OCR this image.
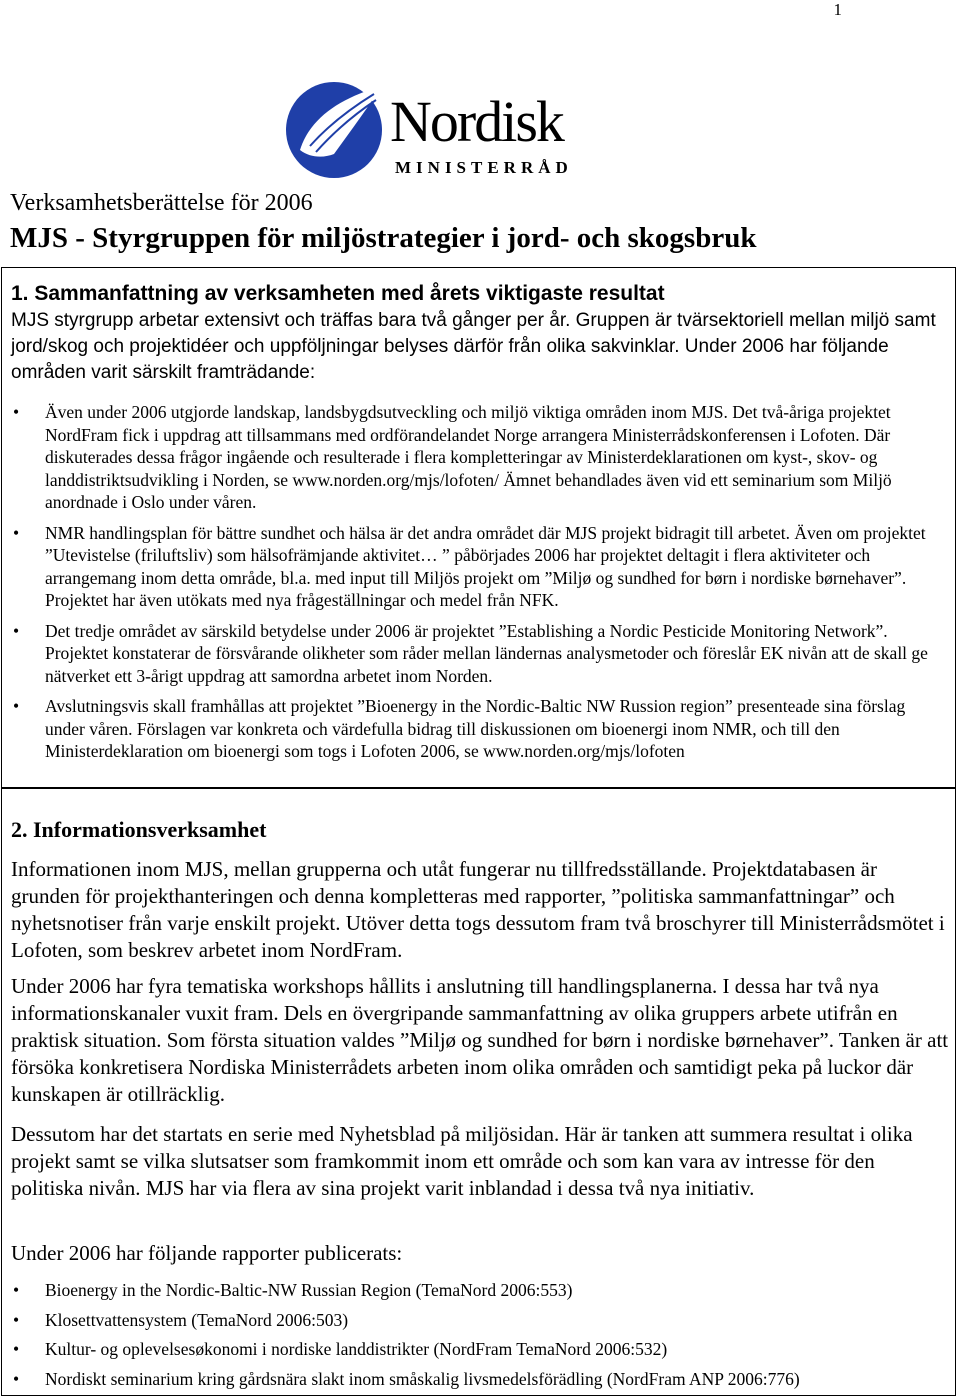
1
Nordisk
MINISTERRÅD
Verksamhetsberättelse för 2006
MJS - Styrgruppen för miljöstrategier i jord- och skogsbruk
1. Sammanfattning av verksamheten med årets viktigaste resultat
MJS styrgrupp arbetar extensivt och träffas bara två gånger per år. Gruppen är tvärsektoriell mellan miljö samt jord/skog och projektidéer och uppföljningar belyses därför från olika sakvinklar. Under 2006 har följande områden varit särskilt framträdande:
• Även under 2006 utgjorde landskap, landsbygdsutveckling och miljö viktiga områden inom MJS. Det två-åriga projektet NordFram fick i uppdrag att tillsammans med ordförandelandet Norge arrangera Ministerrådskonferensen i Lofoten. Där diskuterades dessa frågor ingående och resulterade i flera kompletteringar av Ministerdeklarationen om kyst-, skov- og landdistriktsudvikling i Norden, se www.norden.org/mjs/lofoten/ Ämnet behandlades även vid ett seminarium som Miljö anordnade i Oslo under våren.
• NMR handlingsplan för bättre sundhet och hälsa är det andra området där MJS projekt bidragit till arbetet. Även om projektet ”Utevistelse (friluftsliv) som hälsofrämjande aktivitet… ” påbörjades 2006 har projektet deltagit i flera aktiviteter och arrangemang inom detta område, bl.a. med input till Miljös projekt om ”Miljø og sundhed for børn i nordiske børnehaver”. Projektet har även utökats med nya frågeställningar och medel från NFK.
• Det tredje området av särskild betydelse under 2006 är projektet ”Establishing a Nordic Pesticide Monitoring Network”. Projektet konstaterar de försvårande olikheter som råder mellan ländernas analysmetoder och föreslår EK nivån att de skall ge nätverket ett 3-årigt uppdrag att samordna arbetet inom Norden.
• Avslutningsvis skall framhållas att projektet ”Bioenergy in the Nordic-Baltic NW Russion region” presenteade sina förslag under våren. Förslagen var konkreta och värdefulla bidrag till diskussionen om bioenergi inom NMR, och till den Ministerdeklaration om bioenergi som togs i Lofoten 2006, se www.norden.org/mjs/lofoten
2. Informationsverksamhet
Informationen inom MJS, mellan grupperna och utåt fungerar nu tillfredsställande. Projektdatabasen är grunden för projekthanteringen och denna kompletteras med rapporter, ”politiska sammanfattningar” och nyhetsnotiser från varje enskilt projekt. Utöver detta togs dessutom fram två broschyrer till Ministerrådsmötet i Lofoten, som beskrev arbetet inom NordFram.
Under 2006 har fyra tematiska workshops hållits i anslutning till handlingsplanerna. I dessa har två nya informationskanaler vuxit fram. Dels en övergripande sammanfattning av olika gruppers arbete utifrån en praktisk situation. Som första situation valdes ”Miljø og sundhed for børn i nordiske børnehaver”. Tanken är att försöka konkretisera Nordiska Ministerrådets arbeten inom olika områden och samtidigt peka på luckor där kunskapen är otillräcklig.
Dessutom har det startats en serie med Nyhetsblad på miljösidan. Här är tanken att summera resultat i olika projekt samt se vilka slutsatser som framkommit inom ett område och som kan vara av intresse för den politiska nivån. MJS har via flera av sina projekt varit inblandad i dessa två nya initiativ.
Under 2006 har följande rapporter publicerats:
• Bioenergy in the Nordic-Baltic-NW Russian Region (TemaNord 2006:553)
• Klosettvattensystem (TemaNord 2006:503)
• Kultur- og oplevelsesøkonomi i nordiske landdistrikter (NordFram TemaNord 2006:532)
• Nordiskt seminarium kring gårdsnära slakt inom småskalig livsmedelsförädling (NordFram ANP 2006:776)
